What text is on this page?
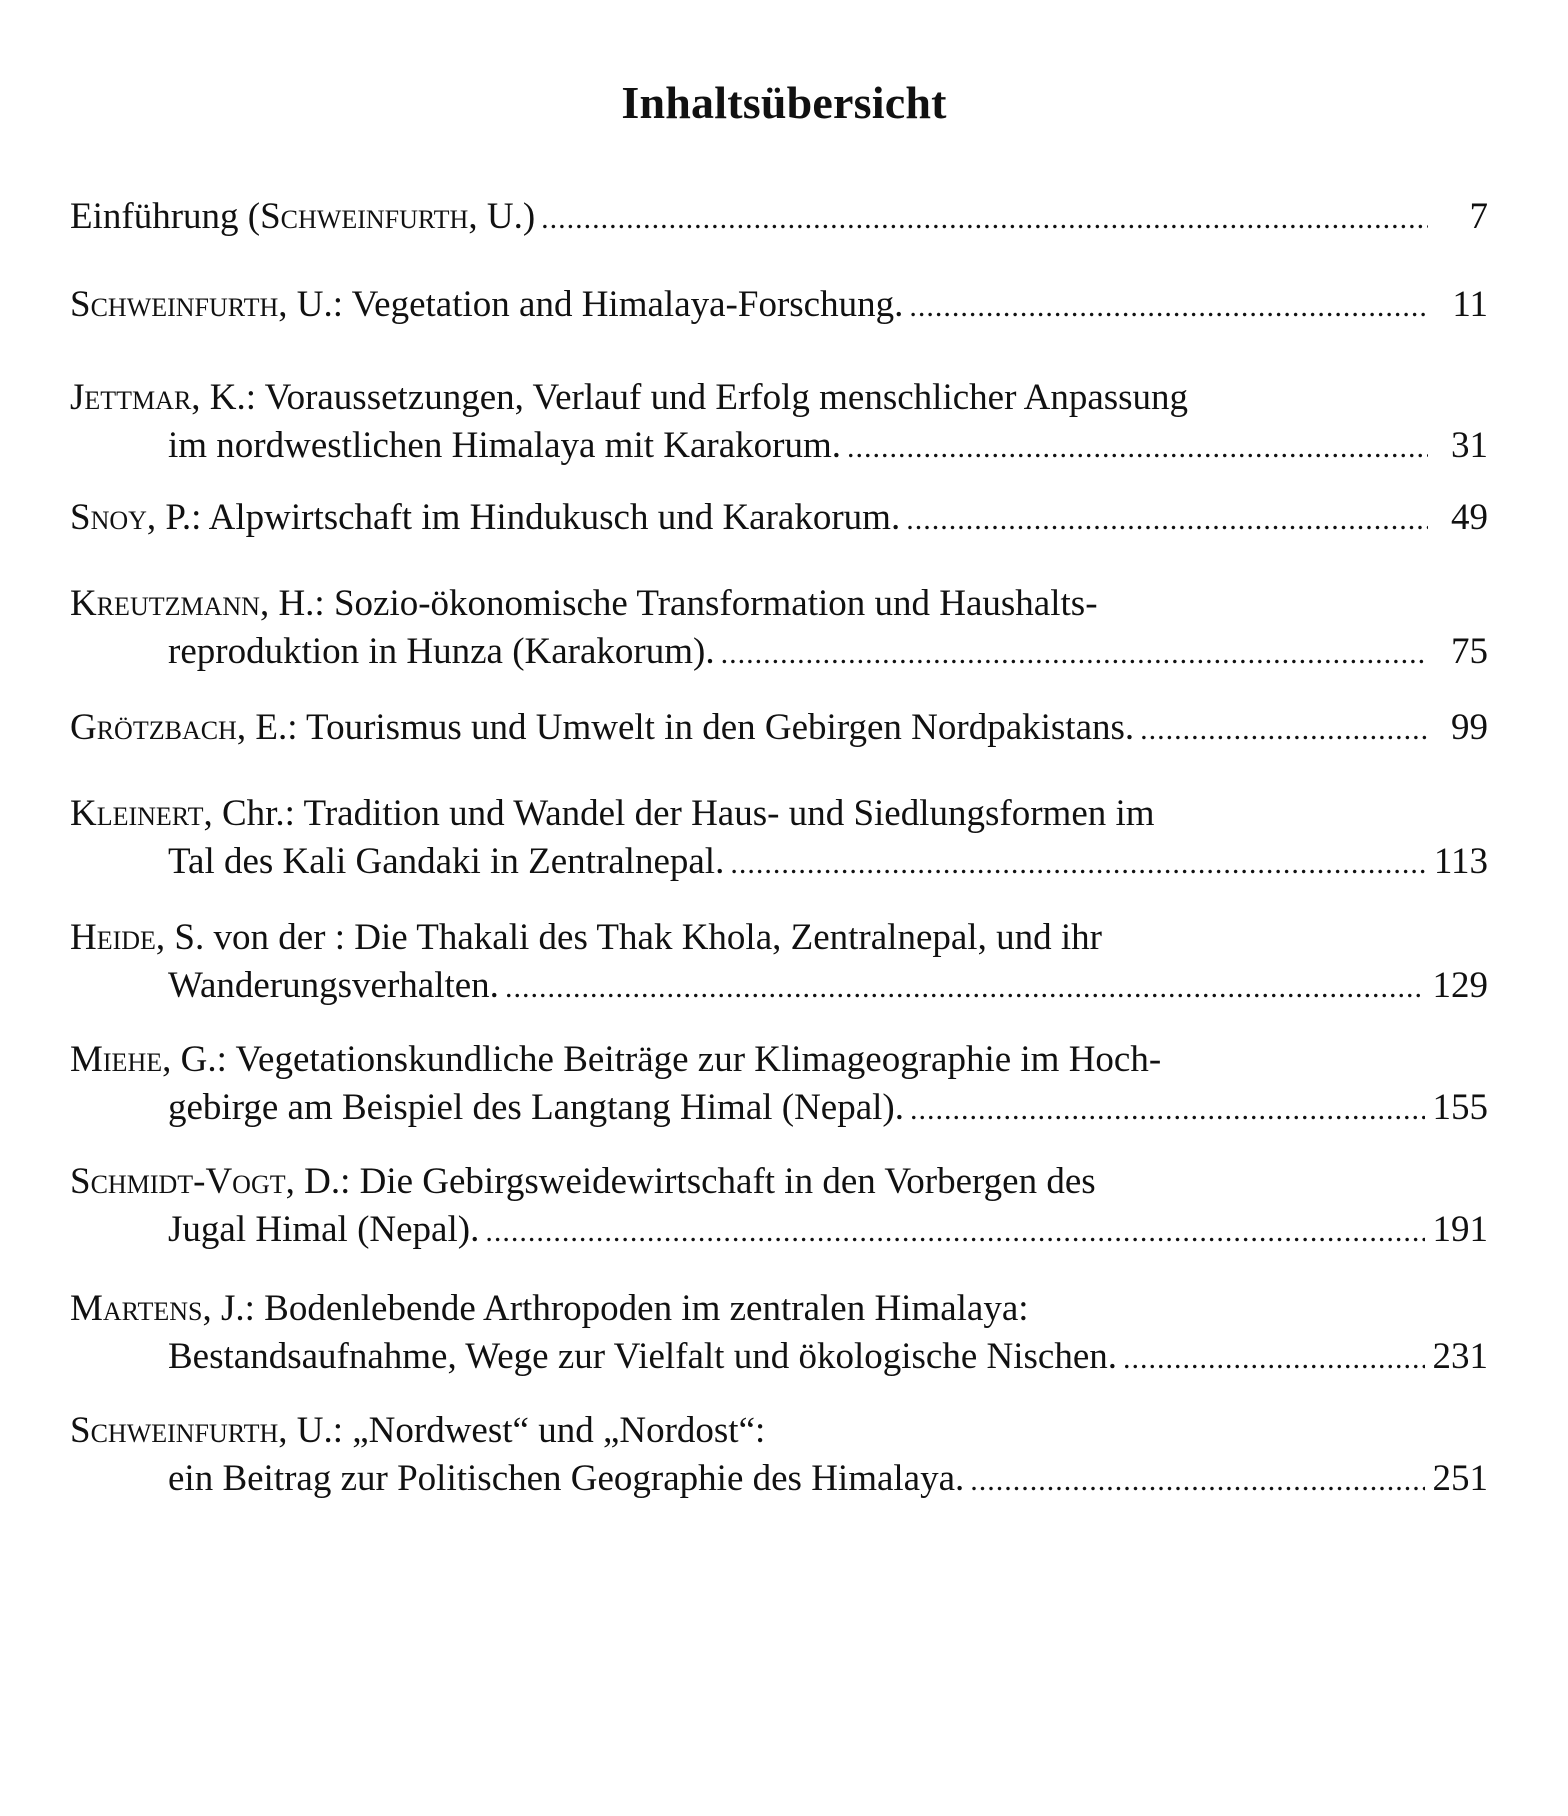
Inhaltsübersicht
Einführung (Schweinfurth, U.) .....	7
Schweinfurth, U.: Vegetation and Himalaya-Forschung. .....	11
Jettmar, K.: Voraussetzungen, Verlauf und Erfolg menschlicher Anpassung
im nordwestlichen Himalaya mit Karakorum. .....	31
Snoy, P.: Alpwirtschaft im Hindukusch und Karakorum. .....	49
Kreutzmann, H.: Sozio-ökonomische Transformation und Haushalts-
reproduktion in Hunza (Karakorum). .....	75
Grötzbach, E.: Tourismus und Umwelt in den Gebirgen Nordpakistans. .....	99
Kleinert, Chr.: Tradition und Wandel der Haus- und Siedlungsformen im
Tal des Kali Gandaki in Zentralnepal. .....	113
Heide, S. von der : Die Thakali des Thak Khola, Zentralnepal, und ihr
Wanderungsverhalten. .....	129
Miehe, G.: Vegetationskundliche Beiträge zur Klimageographie im Hoch-
gebirge am Beispiel des Langtang Himal (Nepal). .....	155
Schmidt-Vogt, D.: Die Gebirgsweidewirtschaft in den Vorbergen des
Jugal Himal (Nepal). .....	191
Martens, J.: Bodenlebende Arthropoden im zentralen Himalaya:
Bestandsaufnahme, Wege zur Vielfalt und ökologische Nischen. .....	231
Schweinfurth, U.: „Nordwest“ und „Nordost“:
ein Beitrag zur Politischen Geographie des Himalaya. .....	251
